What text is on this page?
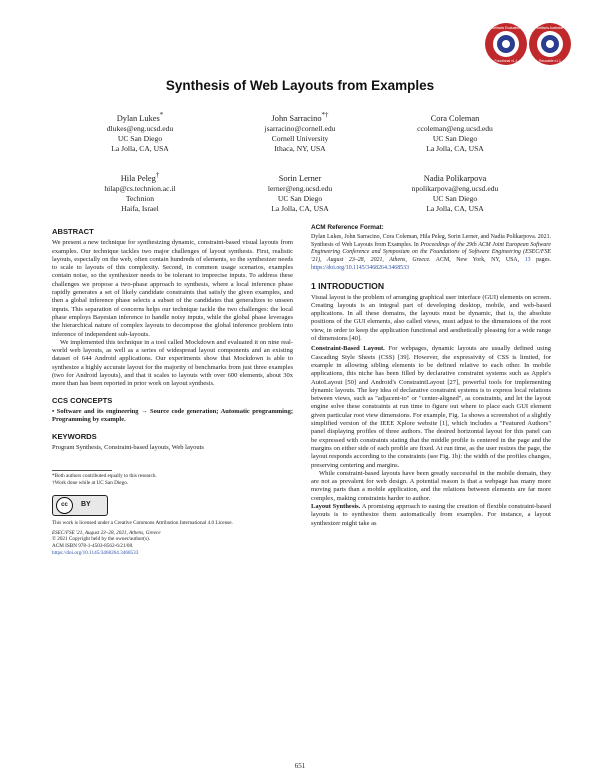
Artifacts Evaluated
Functional v1.1
Artifacts Available
Reusable v1.1
Synthesis of Web Layouts from Examples
Dylan Lukes*
dlukes@eng.ucsd.edu
UC San Diego
La Jolla, CA, USA
John Sarracino*†
jsarracino@cornell.edu
Cornell University
Ithaca, NY, USA
Cora Coleman
ccoleman@eng.ucsd.edu
UC San Diego
La Jolla, CA, USA
Hila Peleg†
hilap@cs.technion.ac.il
Technion
Haifa, Israel
Sorin Lerner
lerner@eng.ucsd.edu
UC San Diego
La Jolla, CA, USA
Nadia Polikarpova
npolikarpova@eng.ucsd.edu
UC San Diego
La Jolla, CA, USA
ABSTRACT

We present a new technique for synthesizing dynamic, constraint-based visual layouts from examples. Our technique tackles two major challenges of layout synthesis. First, realistic layouts, especially on the web, often contain hundreds of elements, so the synthesizer needs to scale to layouts of this complexity. Second, in common usage scenarios, examples contain noise, so the synthesizer needs to be tolerant to imprecise inputs. To address these challenges we propose a two-phase approach to synthesis, where a local inference phase rapidly generates a set of likely candidate constraints that satisfy the given examples, and then a global inference phase selects a subset of the candidates that generalizes to unseen inputs. This separation of concerns helps our technique tackle the two challenges: the local phase employs Bayesian inference to handle noisy inputs, while the global phase leverages the hierarchical nature of complex layouts to decompose the global inference problem into inference of independent sub-layouts.

We implemented this technique in a tool called Mockdown and evaluated it on nine real-world web layouts, as well as a series of widespread layout components and an existing dataset of 644 Android applications. Our experiments show that Mockdown is able to synthesize a highly accurate layout for the majority of benchmarks from just three examples (two for Android layouts), and that it scales to layouts with over 600 elements, about 30x more than has been reported in prior work on layout synthesis.

CCS CONCEPTS

• Software and its engineering → Source code generation; Automatic programming; Programming by example.

KEYWORDS

Program Synthesis, Constraint-based layouts, Web layouts

*Both authors contributed equally to this research.
†Work done while at UC San Diego.
cc	BY
This work is licensed under a Creative Commons Attribution International 4.0 License.
ESEC/FSE '21, August 23–28, 2021, Athens, Greece
© 2021 Copyright held by the owner/author(s).
ACM ISBN 978-1-4503-8562-6/21/08.
https://doi.org/10.1145/3468264.3468533
ACM Reference Format:

Dylan Lukes, John Sarracino, Cora Coleman, Hila Peleg, Sorin Lerner, and Nadia Polikarpova. 2021. Synthesis of Web Layouts from Examples. In Proceedings of the 29th ACM Joint European Software Engineering Conference and Symposium on the Foundations of Software Engineering (ESEC/FSE '21), August 23–28, 2021, Athens, Greece. ACM, New York, NY, USA, 13 pages. https://doi.org/10.1145/3468264.3468533

1 INTRODUCTION

Visual layout is the problem of arranging graphical user interface (GUI) elements on screen. Creating layouts is an integral part of developing desktop, mobile, and web-based applications. In all these domains, the layouts must be dynamic, that is, the absolute positions of the GUI elements, also called views, must adjust to the dimensions of the root view, in order to keep the application functional and aesthetically pleasing for a wide range of dimensions [40].

Constraint-Based Layout. For webpages, dynamic layouts are usually defined using Cascading Style Sheets (CSS) [39]. However, the expressivity of CSS is limited, for example in allowing sibling elements to be defined relative to each other. In mobile applications, this niche has been filled by declarative constraint systems such as Apple's AutoLayout [50] and Android's ConstraintLayout [27], powerful tools for implementing dynamic layouts. The key idea of declarative constraint systems is to express local relations between views, such as "adjacent-to" or "center-aligned", as constraints, and let the layout engine solve these constraints at run time to figure out where to place each GUI element given particular root view dimensions. For example, Fig. 1a shows a screenshot of a slightly simplified version of the IEEE Xplore website [1], which includes a "Featured Authors" panel displaying profiles of three authors. The desired horizontal layout for this panel can be expressed with constraints stating that the middle profile is centered in the page and the margins on either side of each profile are fixed. At run time, as the user resizes the page, the layout responds according to the constraints (see Fig. 1b): the width of the profiles changes, preserving centering and margins.

While constraint-based layouts have been greatly successful in the mobile domain, they are not as prevalent for web design. A potential reason is that a webpage has many more moving parts than a mobile application, and the relations between elements are far more complex, making constraints harder to author.

Layout Synthesis. A promising approach to easing the creation of flexible constraint-based layouts is to synthesize them automatically from examples. For instance, a layout synthesizer might take as

651
